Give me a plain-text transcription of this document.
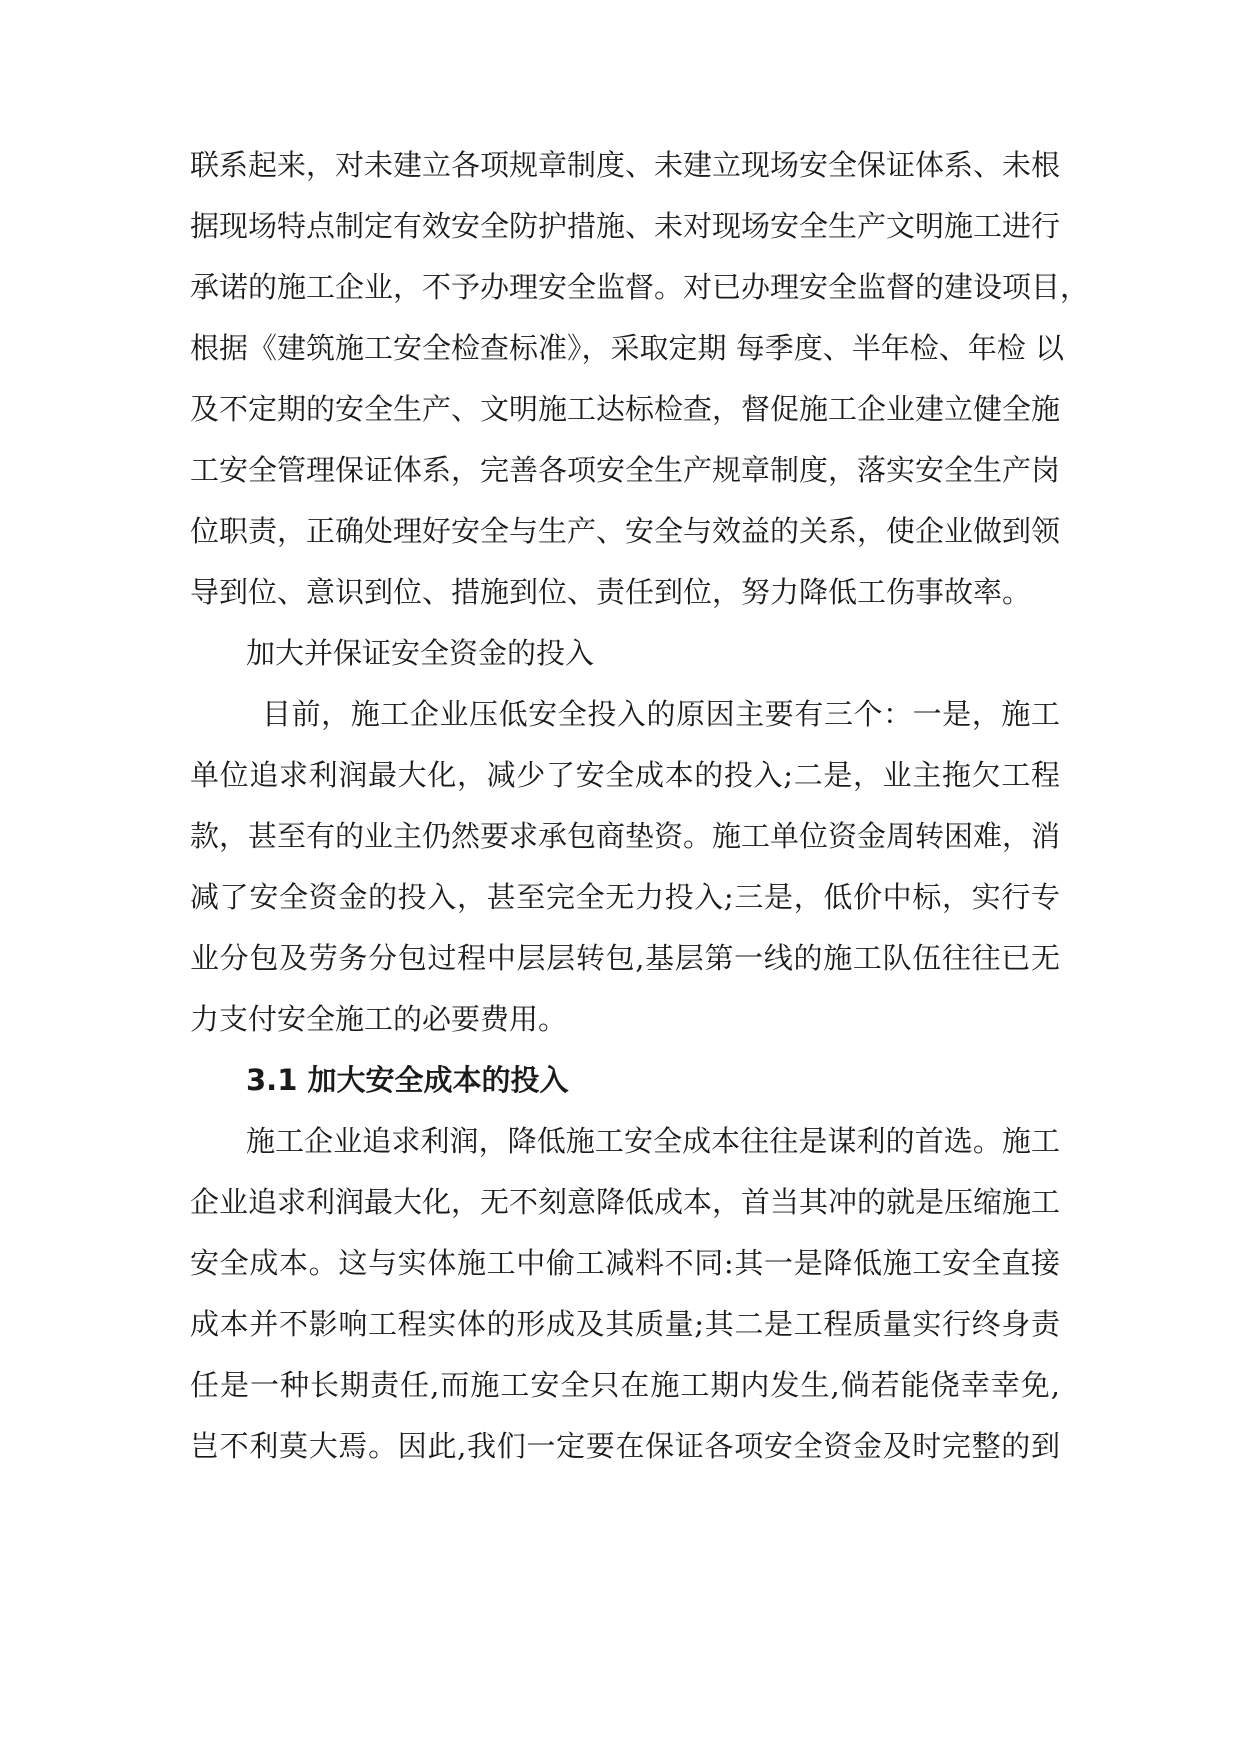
联系起来，对未建立各项规章制度、未建立现场安全保证体系、未根
据现场特点制定有效安全防护措施、未对现场安全生产文明施工进行
承诺的施工企业，不予办理安全监督。对已办理安全监督的建设项目，
根据《建筑施工安全检查标准》，采取定期 每季度、半年检、年检 以
及不定期的安全生产、文明施工达标检查，督促施工企业建立健全施
工安全管理保证体系，完善各项安全生产规章制度，落实安全生产岗
位职责，正确处理好安全与生产、安全与效益的关系，使企业做到领
导到位、意识到位、措施到位、责任到位，努力降低工伤事故率。
加大并保证安全资金的投入
目前，施工企业压低安全投入的原因主要有三个：一是，施工
单位追求利润最大化，减少了安全成本的投入;二是，业主拖欠工程
款，甚至有的业主仍然要求承包商垫资。施工单位资金周转困难，消
减了安全资金的投入，甚至完全无力投入;三是，低价中标，实行专
业分包及劳务分包过程中层层转包,基层第一线的施工队伍往往已无
力支付安全施工的必要费用。
3.1 加大安全成本的投入
施工企业追求利润，降低施工安全成本往往是谋利的首选。施工
企业追求利润最大化，无不刻意降低成本，首当其冲的就是压缩施工
安全成本。这与实体施工中偷工减料不同:其一是降低施工安全直接
成本并不影响工程实体的形成及其质量;其二是工程质量实行终身责
任是一种长期责任,而施工安全只在施工期内发生,倘若能侥幸幸免,
岂不利莫大焉。因此,我们一定要在保证各项安全资金及时完整的到
